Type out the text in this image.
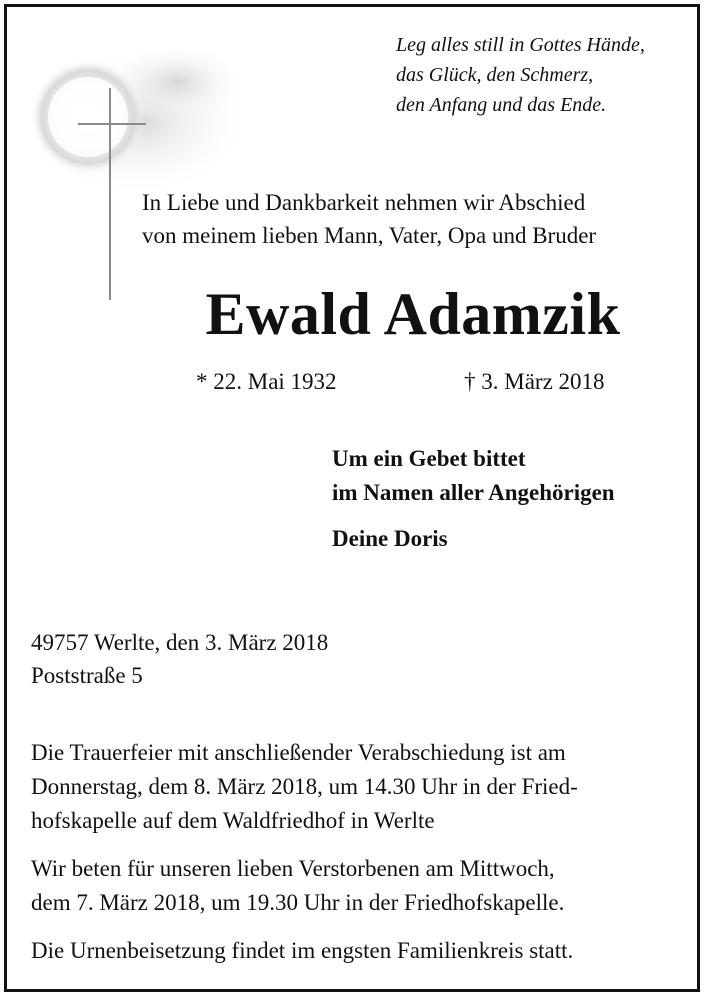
Leg alles still in Gottes Hände,
das Glück, den Schmerz,
den Anfang und das Ende.
In Liebe und Dankbarkeit nehmen wir Abschied
von meinem lieben Mann, Vater, Opa und Bruder
Ewald Adamzik
* 22. Mai 1932	† 3. März 2018
Um ein Gebet bittet
im Namen aller Angehörigen
Deine Doris
49757 Werlte, den 3. März 2018
Poststraße 5
Die Trauerfeier mit anschließender Verabschiedung ist am
Donnerstag, dem 8. März 2018, um 14.30 Uhr in der Fried-
hofskapelle auf dem Waldfriedhof in Werlte
Wir beten für unseren lieben Verstorbenen am Mittwoch,
dem 7. März 2018, um 19.30 Uhr in der Friedhofskapelle.
Die Urnenbeisetzung findet im engsten Familienkreis statt.
